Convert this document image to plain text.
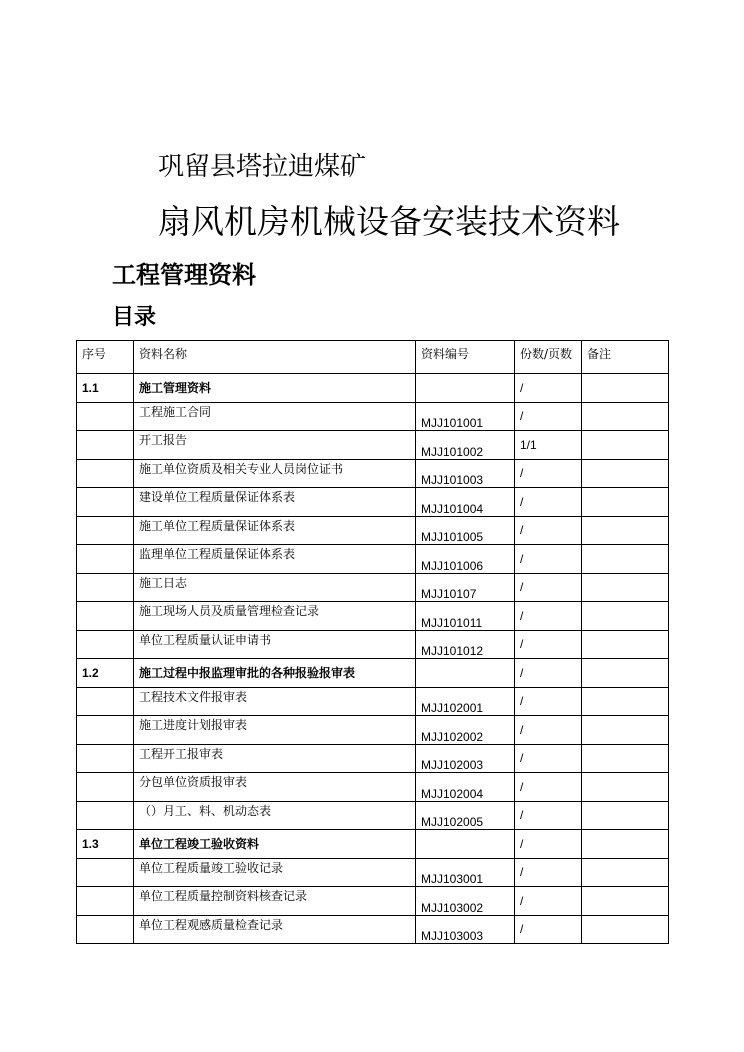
巩留县塔拉迪煤矿
扇风机房机械设备安装技术资料
工程管理资料
目录
序号	资料名称	资料编号	份数/页数	备注
1.1	施工管理资料		/	
	工程施工合同	MJJ101001	/	
	开工报告	MJJ101002	1/1	
	施工单位资质及相关专业人员岗位证书	MJJ101003	/	
	建设单位工程质量保证体系表	MJJ101004	/	
	施工单位工程质量保证体系表	MJJ101005	/	
	监理单位工程质量保证体系表	MJJ101006	/	
	施工日志	MJJ10107	/	
	施工现场人员及质量管理检查记录	MJJ101011	/	
	单位工程质量认证申请书	MJJ101012	/	
1.2	施工过程中报监理审批的各种报验报审表		/	
	工程技术文件报审表	MJJ102001	/	
	施工进度计划报审表	MJJ102002	/	
	工程开工报审表	MJJ102003	/	
	分包单位资质报审表	MJJ102004	/	
	（）月工、料、机动态表	MJJ102005	/	
1.3	单位工程竣工验收资料		/	
	单位工程质量竣工验收记录	MJJ103001	/	
	单位工程质量控制资料核查记录	MJJ103002	/	
	单位工程观感质量检查记录	MJJ103003	/	
